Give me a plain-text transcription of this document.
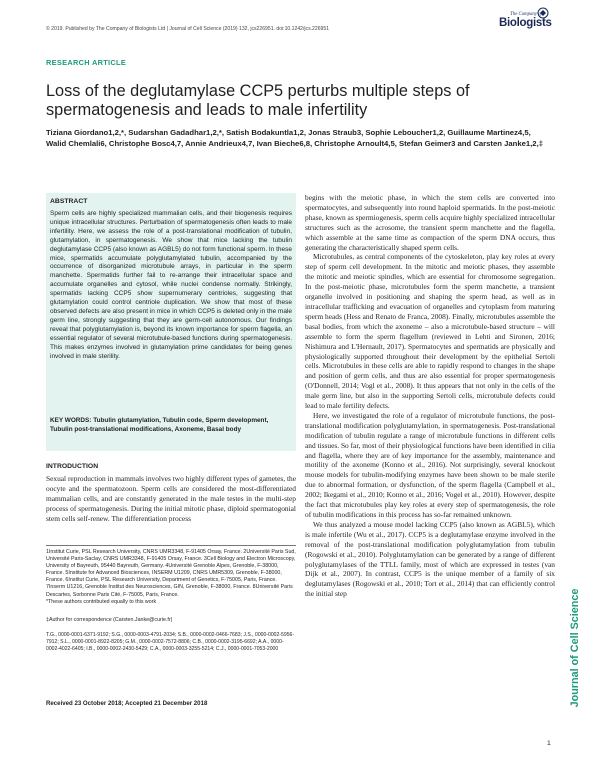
© 2019. Published by The Company of Biologists Ltd | Journal of Cell Science (2019) 132, jcs226951. doi:10.1242/jcs.226951
The Company of
Biologists
RESEARCH ARTICLE
Loss of the deglutamylase CCP5 perturbs multiple steps of spermatogenesis and leads to male infertility
Tiziana Giordano1,2,*, Sudarshan Gadadhar1,2,*, Satish Bodakuntla1,2, Jonas Straub3, Sophie Leboucher1,2, Guillaume Martinez4,5, Walid Chemlali6, Christophe Bosc4,7, Annie Andrieux4,7, Ivan Bieche6,8, Christophe Arnoult4,5, Stefan Geimer3 and Carsten Janke1,2,‡
ABSTRACT
Sperm cells are highly specialized mammalian cells, and their biogenesis requires unique intracellular structures. Perturbation of spermatogenesis often leads to male infertility. Here, we assess the role of a post-translational modification of tubulin, glutamylation, in spermatogenesis. We show that mice lacking the tubulin deglutamylase CCP5 (also known as AGBL5) do not form functional sperm. In these mice, spermatids accumulate polyglutamylated tubulin, accompanied by the occurrence of disorganized microtubule arrays, in particular in the sperm manchette. Spermatids further fail to re-arrange their intracellular space and accumulate organelles and cytosol, while nuclei condense normally. Strikingly, spermatids lacking CCP5 show supernumerary centrioles, suggesting that glutamylation could control centriole duplication. We show that most of these observed defects are also present in mice in which CCP5 is deleted only in the male germ line, strongly suggesting that they are germ-cell autonomous. Our findings reveal that polyglutamylation is, beyond its known importance for sperm flagella, an essential regulator of several microtubule-based functions during spermatogenesis. This makes enzymes involved in glutamylation prime candidates for being genes involved in male sterility.
KEY WORDS: Tubulin glutamylation, Tubulin code, Sperm development, Tubulin post-translational modifications, Axoneme, Basal body
INTRODUCTION

Sexual reproduction in mammals involves two highly different types of gametes, the oocyte and the spermatozoon. Sperm cells are considered the most-differentiated mammalian cells, and are constantly generated in the male testes in the multi-step process of spermatogenesis. During the initial mitotic phase, diploid spermatogonial stem cells self-renew. The differentiation process

1Institut Curie, PSL Research University, CNRS UMR3348, F-91405 Orsay, France. 2Université Paris Sud, Université Paris-Saclay, CNRS UMR3348, F-91405 Orsay, France. 3Cell Biology and Electron Microscopy, University of Bayreuth, 95440 Bayreuth, Germany. 4Université Grenoble Alpes, Grenoble, F-38000, France. 5Institute for Advanced Biosciences, INSERM U1209, CNRS UMR5309, Grenoble, F-38000, France. 6Institut Curie, PSL Research University, Department of Genetics, F-75005, Paris, France. 7Inserm U1216, Grenoble Institut des Neurosciences, GIN, Grenoble, F-38000, France. 8Université Paris Descartes, Sorbonne Paris Cité, F-75005, Paris, France.
*These authors contributed equally to this work
‡Author for correspondence (Carsten.Janke@curie.fr)
T.G., 0000-0001-6371-9192; S.G., 0000-0003-4791-2034; S.B., 0000-0002-0466-7683; J.S., 0000-0002-5956-7912; S.L., 0000-0001-8922-8205; G.M., 0000-0002-7572-8806; C.B., 0000-0002-3195-6692; A.A., 0000-0002-4022-6405; I.B., 0000-0002-2430-5429; C.A., 0000-0003-3255-5214; C.J., 0000-0001-7053-2000
Received 23 October 2018; Accepted 21 December 2018

begins with the meiotic phase, in which the stem cells are converted into spermatocytes, and subsequently into round haploid spermatids. In the post-meiotic phase, known as spermiogenesis, sperm cells acquire highly specialized intracellular structures such as the acrosome, the transient sperm manchette and the flagella, which assemble at the same time as compaction of the sperm DNA occurs, thus generating the characteristically shaped sperm cells.

Microtubules, as central components of the cytoskeleton, play key roles at every step of sperm cell development. In the mitotic and meiotic phases, they assemble the mitotic and meiotic spindles, which are essential for chromosome segregation. In the post-meiotic phase, microtubules form the sperm manchette, a transient organelle involved in positioning and shaping the sperm head, as well as in intracellular trafficking and evacuation of organelles and cytoplasm from maturing sperm heads (Hess and Renato de Franca, 2008). Finally, microtubules assemble the basal bodies, from which the axoneme – also a microtubule-based structure – will assemble to form the sperm flagellum (reviewed in Lehti and Sironen, 2016; Nishimura and L'Hernault, 2017). Spermatocytes and spermatids are physically and physiologically supported throughout their development by the epithelial Sertoli cells. Microtubules in these cells are able to rapidly respond to changes in the shape and position of germ cells, and thus are also essential for proper spermatogenesis (O'Donnell, 2014; Vogl et al., 2008). It thus appears that not only in the cells of the male germ line, but also in the supporting Sertoli cells, microtubule defects could lead to male fertility defects.

Here, we investigated the role of a regulator of microtubule functions, the post-translational modification polyglutamylation, in spermatogenesis. Post-translational modification of tubulin regulate a range of microtubule functions in different cells and tissues. So far, most of their physiological functions have been identified in cilia and flagella, where they are of key importance for the assembly, maintenance and motility of the axoneme (Konno et al., 2016). Not surprisingly, several knockout mouse models for tubulin-modifying enzymes have been shown to be male sterile due to abnormal formation, or dysfunction, of the sperm flagella (Campbell et al., 2002; Ikegami et al., 2010; Konno et al., 2016; Vogel et al., 2010). However, despite the fact that microtubules play key roles at every step of spermatogenesis, the role of tubulin modifications in this process has so-far remained unknown.

We thus analyzed a mouse model lacking CCP5 (also known as AGBL5), which is male infertile (Wu et al., 2017). CCP5 is a deglutamylase enzyme involved in the removal of the post-translational modification polyglutamylation from tubulin (Rogowski et al., 2010). Polyglutamylation can be generated by a range of different polyglutamylases of the TTLL family, most of which are expressed in testes (van Dijk et al., 2007). In contrast, CCP5 is the unique member of a family of six deglutamylases (Rogowski et al., 2010; Tort et al., 2014) that can efficiently control the initial step	Journal of Cell Science
1
